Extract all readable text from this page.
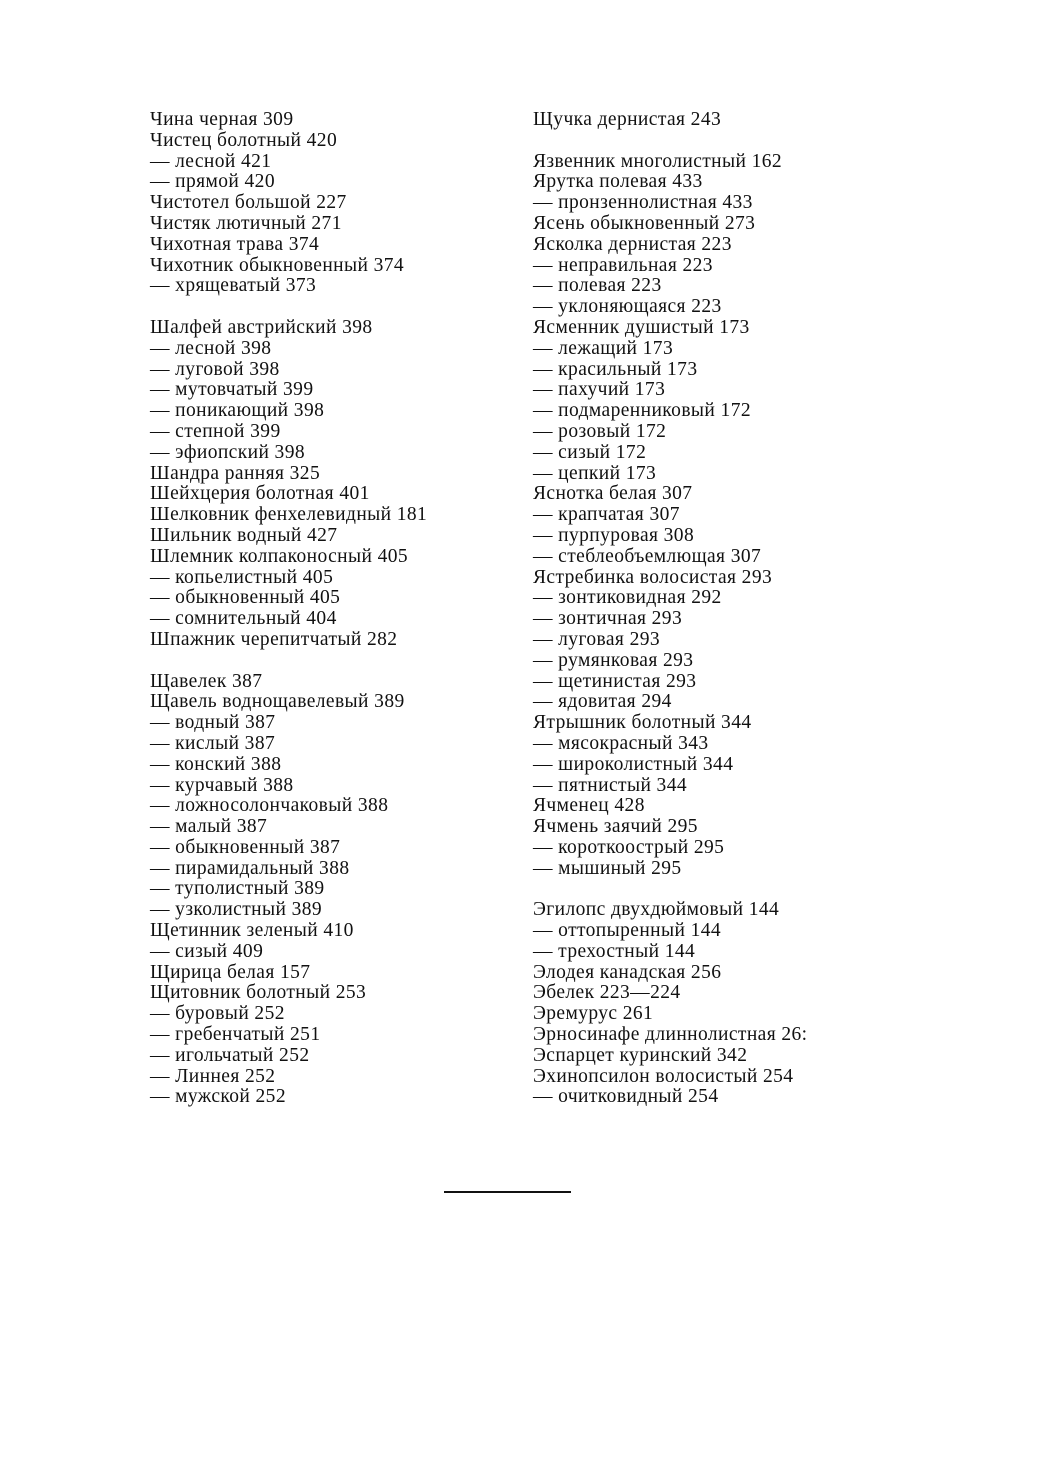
Чина черная 309
Чистец болотный 420
— лесной 421
— прямой 420
Чистотел большой 227
Чистяк лютичный 271
Чихотная трава 374
Чихотник обыкновенный 374
— хрящеватый 373
Шалфей австрийский 398
— лесной 398
— луговой 398
— мутовчатый 399
— поникающий 398
— степной 399
— эфиопский 398
Шандра ранняя 325
Шейхцерия болотная 401
Шелковник фенхелевидный 181
Шильник водный 427
Шлемник колпаконосный 405
— копьелистный 405
— обыкновенный 405
— сомнительный 404
Шпажник черепитчатый 282
Щавелек 387
Щавель воднощавелевый 389
— водный 387
— кислый 387
— конский 388
— курчавый 388
— ложносолончаковый 388
— малый 387
— обыкновенный 387
— пирамидальный 388
— туполистный 389
— узколистный 389
Щетинник зеленый 410
— сизый 409
Щирица белая 157
Щитовник болотный 253
— буровый 252
— гребенчатый 251
— игольчатый 252
— Линнея 252
— мужской 252
Щучка дернистая 243
Язвенник многолистный 162
Ярутка полевая 433
— пронзеннолистная 433
Ясень обыкновенный 273
Ясколка дернистая 223
— неправильная 223
— полевая 223
— уклоняющаяся 223
Ясменник душистый 173
— лежащий 173
— красильный 173
— пахучий 173
— подмаренниковый 172
— розовый 172
— сизый 172
— цепкий 173
Яснотка белая 307
— крапчатая 307
— пурпуровая 308
— стеблеобъемлющая 307
Ястребинка волосистая 293
— зонтиковидная 292
— зонтичная 293
— луговая 293
— румянковая 293
— щетинистая 293
— ядовитая 294
Ятрышник болотный 344
— мясокрасный 343
— широколистный 344
— пятнистый 344
Ячменец 428
Ячмень заячий 295
— короткоострый 295
— мышиный 295
Эгилопс двухдюймовый 144
— оттопыренный 144
— трехостный 144
Элодея канадская 256
Эбелек 223—224
Эремурус 261
Эрносинафе длиннолистная 26:
Эспарцет куринский 342
Эхинопсилон волосистый 254
— очитковидный 254
